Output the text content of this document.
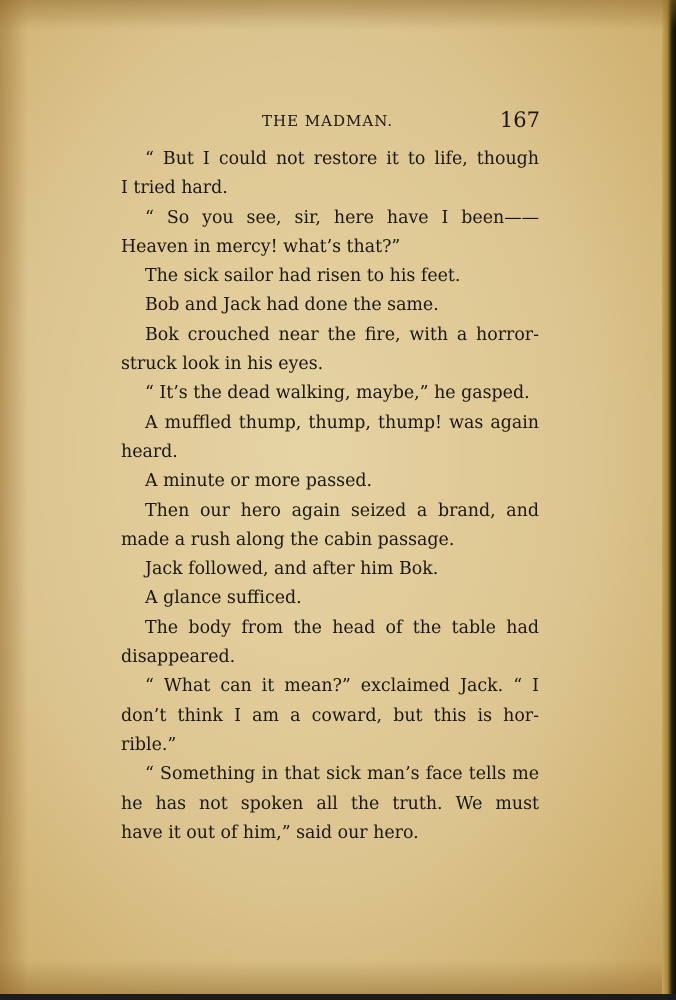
THE MADMAN.	167
“ But I could not restore it to life, though
I tried hard.
“ So you see, sir, here have I been——
Heaven in mercy! what’s that?”
The sick sailor had risen to his feet.
Bob and Jack had done the same.
Bok crouched near the fire, with a horror-
struck look in his eyes.
“ It’s the dead walking, maybe,” he gasped.
A muffled thump, thump, thump! was again
heard.
A minute or more passed.
Then our hero again seized a brand, and
made a rush along the cabin passage.
Jack followed, and after him Bok.
A glance sufficed.
The body from the head of the table had
disappeared.
“ What can it mean?” exclaimed Jack. “ I
don’t think I am a coward, but this is hor-
rible.”
“ Something in that sick man’s face tells me
he has not spoken all the truth. We must
have it out of him,” said our hero.
